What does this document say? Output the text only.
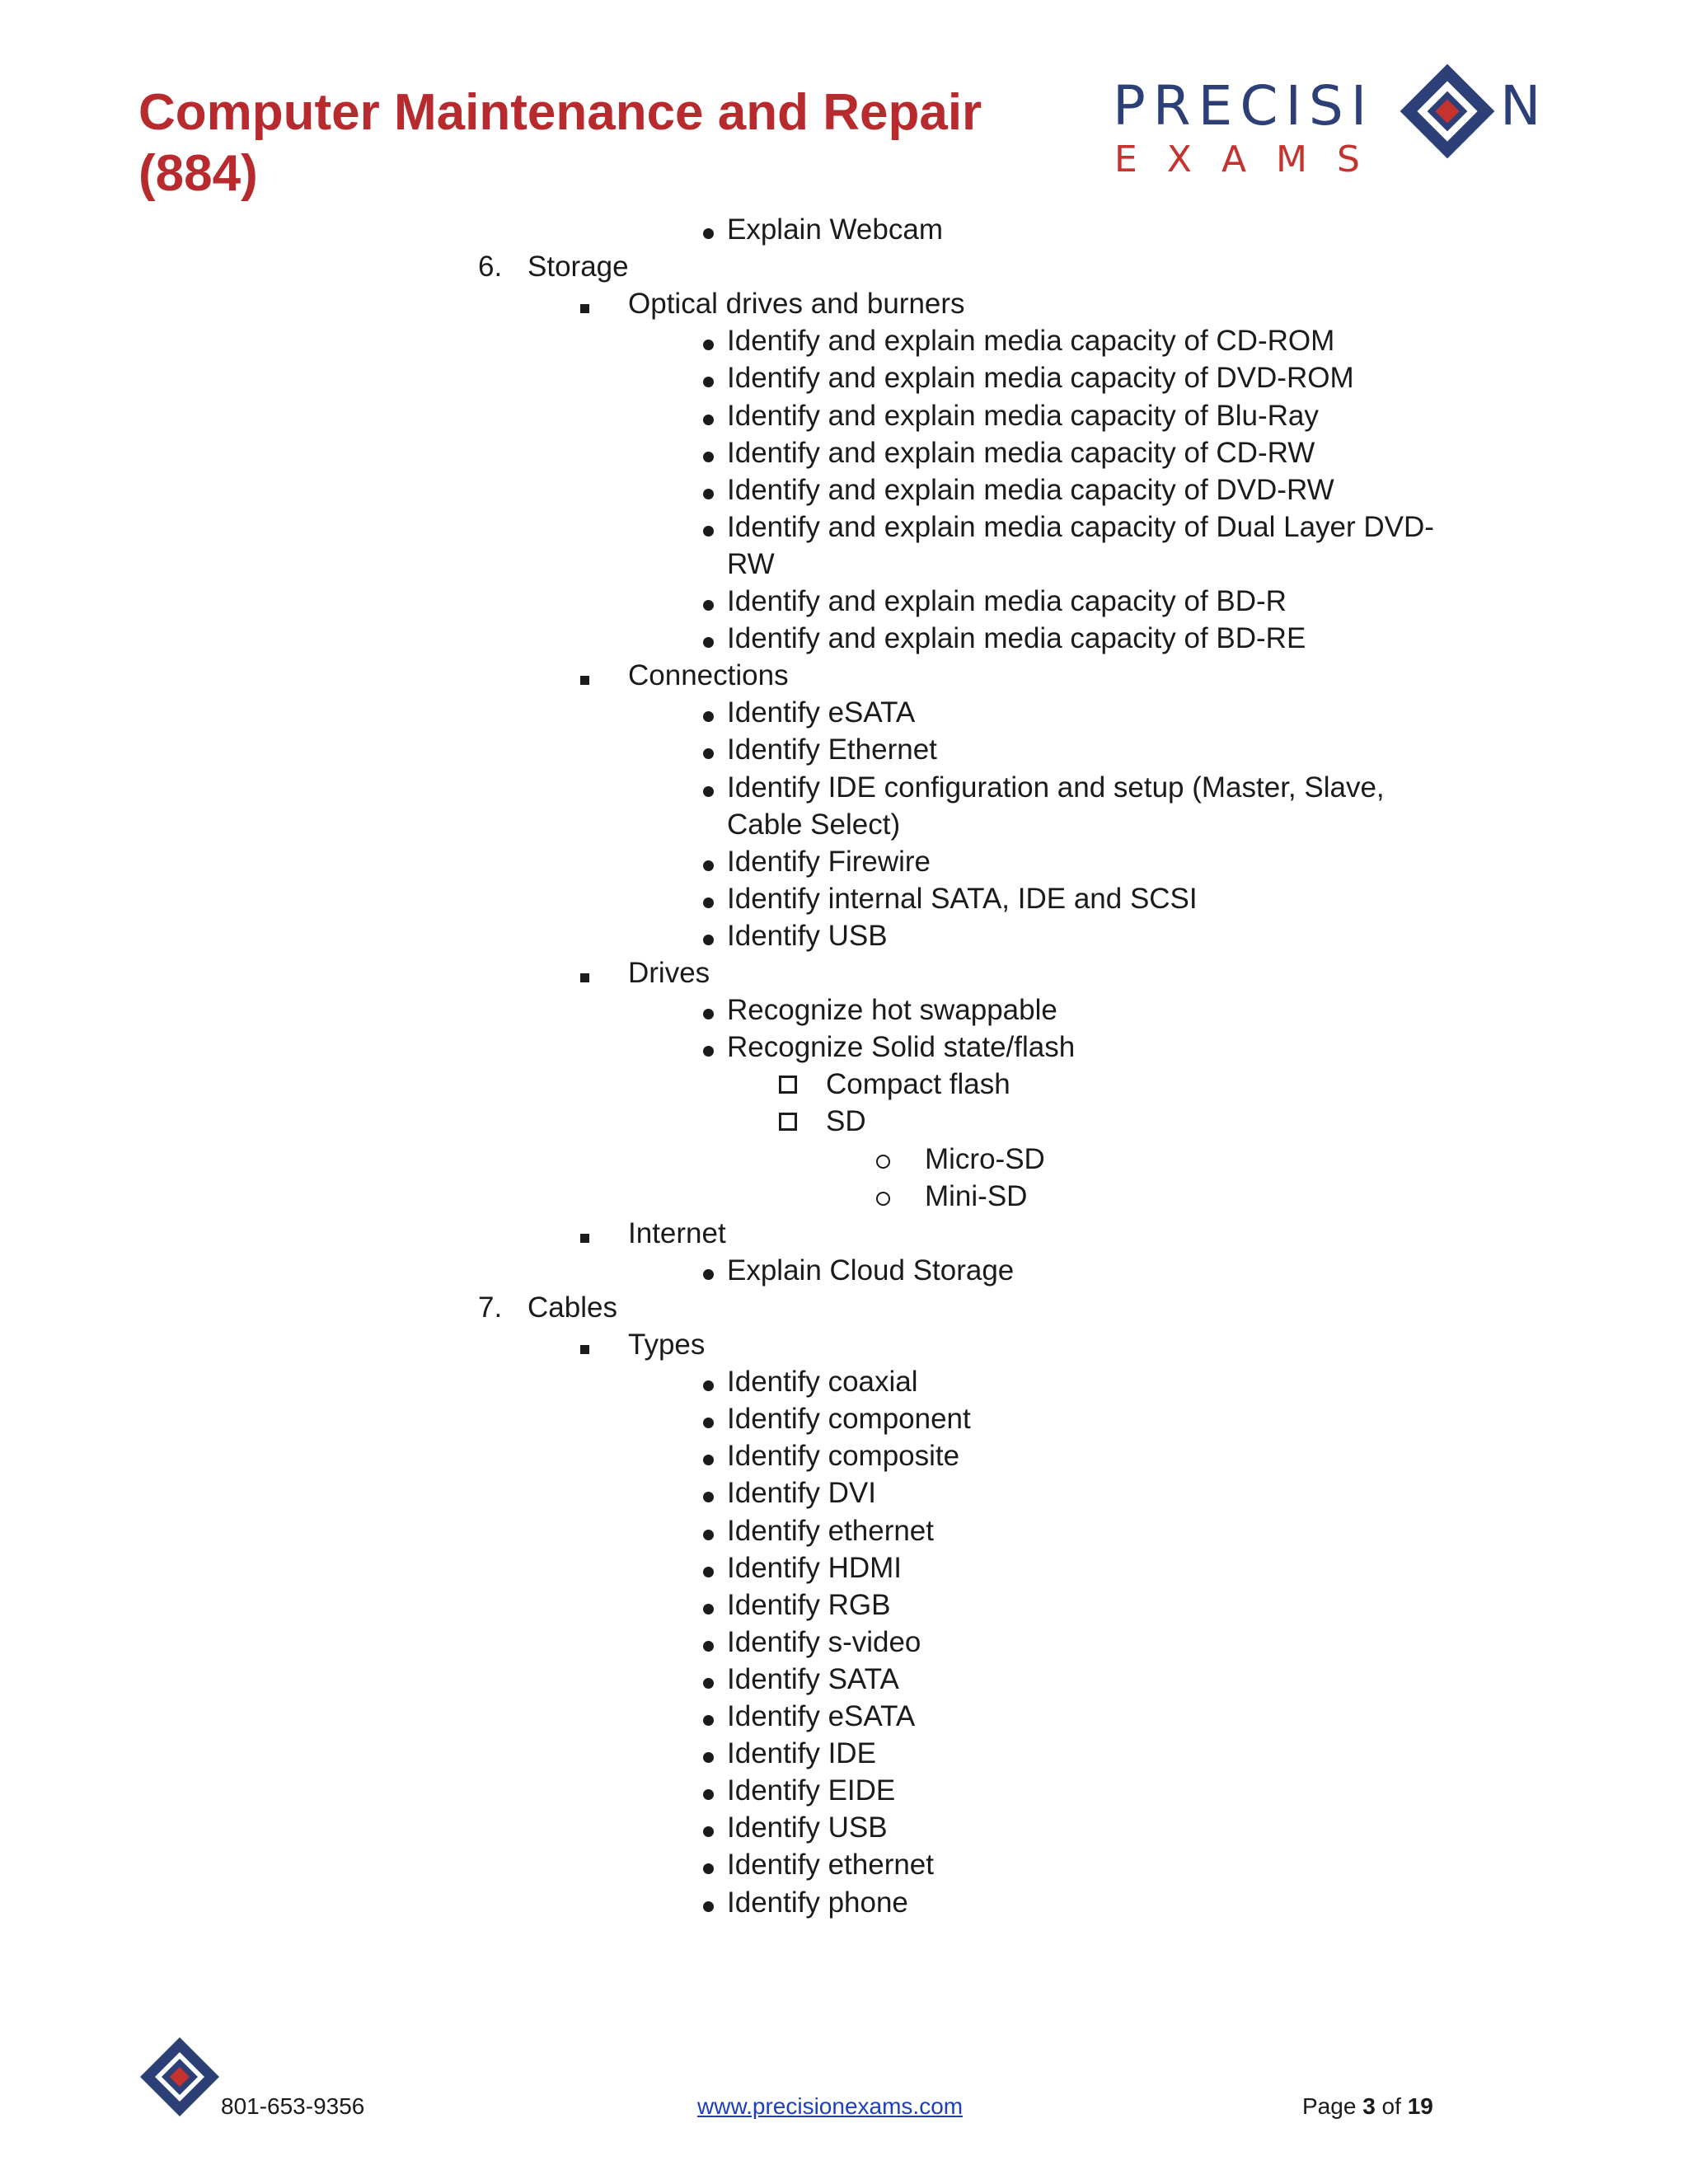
Computer Maintenance and Repair (884)
PRECISI N
EXAMS
Explain Webcam
6. Storage
Optical drives and burners
Identify and explain media capacity of CD-ROM
Identify and explain media capacity of DVD-ROM
Identify and explain media capacity of Blu-Ray
Identify and explain media capacity of CD-RW
Identify and explain media capacity of DVD-RW
Identify and explain media capacity of Dual Layer DVD-
RW
Identify and explain media capacity of BD-R
Identify and explain media capacity of BD-RE
Connections
Identify eSATA
Identify Ethernet
Identify IDE configuration and setup (Master, Slave,
Cable Select)
Identify Firewire
Identify internal SATA, IDE and SCSI
Identify USB
Drives
Recognize hot swappable
Recognize Solid state/flash
Compact flash
SD
Micro-SD
Mini-SD
Internet
Explain Cloud Storage
7. Cables
Types
Identify coaxial
Identify component
Identify composite
Identify DVI
Identify ethernet
Identify HDMI
Identify RGB
Identify s-video
Identify SATA
Identify eSATA
Identify IDE
Identify EIDE
Identify USB
Identify ethernet
Identify phone
801-653-9356	www.precisionexams.com	Page 3 of 19
